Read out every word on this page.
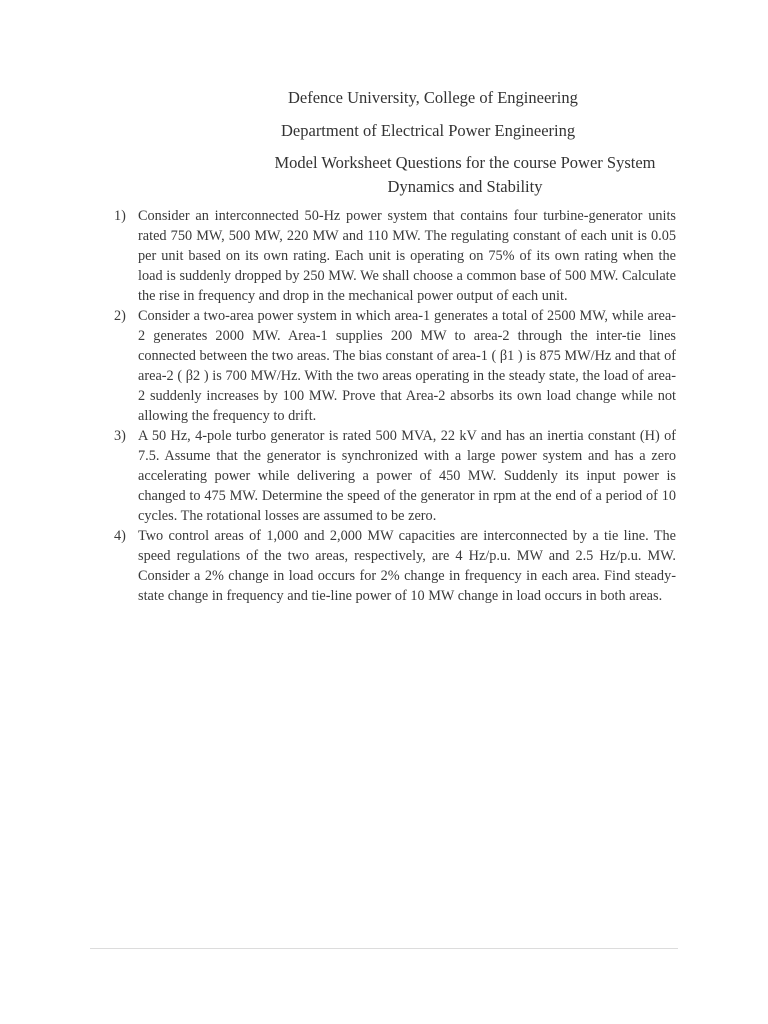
Defence University, College of Engineering
Department of Electrical Power Engineering
Model Worksheet Questions for the course Power System Dynamics and Stability
1) Consider an interconnected 50-Hz power system that contains four turbine-generator units rated 750 MW, 500 MW, 220 MW and 110 MW. The regulating constant of each unit is 0.05 per unit based on its own rating. Each unit is operating on 75% of its own rating when the load is suddenly dropped by 250 MW. We shall choose a common base of 500 MW. Calculate the rise in frequency and drop in the mechanical power output of each unit.
2) Consider a two-area power system in which area-1 generates a total of 2500 MW, while area-2 generates 2000 MW. Area-1 supplies 200 MW to area-2 through the inter-tie lines connected between the two areas. The bias constant of area-1 ( β1 ) is 875 MW/Hz and that of area-2 ( β2 ) is 700 MW/Hz. With the two areas operating in the steady state, the load of area-2 suddenly increases by 100 MW. Prove that Area-2 absorbs its own load change while not allowing the frequency to drift.
3) A 50 Hz, 4-pole turbo generator is rated 500 MVA, 22 kV and has an inertia constant (H) of 7.5. Assume that the generator is synchronized with a large power system and has a zero accelerating power while delivering a power of 450 MW. Suddenly its input power is changed to 475 MW. Determine the speed of the generator in rpm at the end of a period of 10 cycles. The rotational losses are assumed to be zero.
4) Two control areas of 1,000 and 2,000 MW capacities are interconnected by a tie line. The speed regulations of the two areas, respectively, are 4 Hz/p.u. MW and 2.5 Hz/p.u. MW. Consider a 2% change in load occurs for 2% change in frequency in each area. Find steady-state change in frequency and tie-line power of 10 MW change in load occurs in both areas.
